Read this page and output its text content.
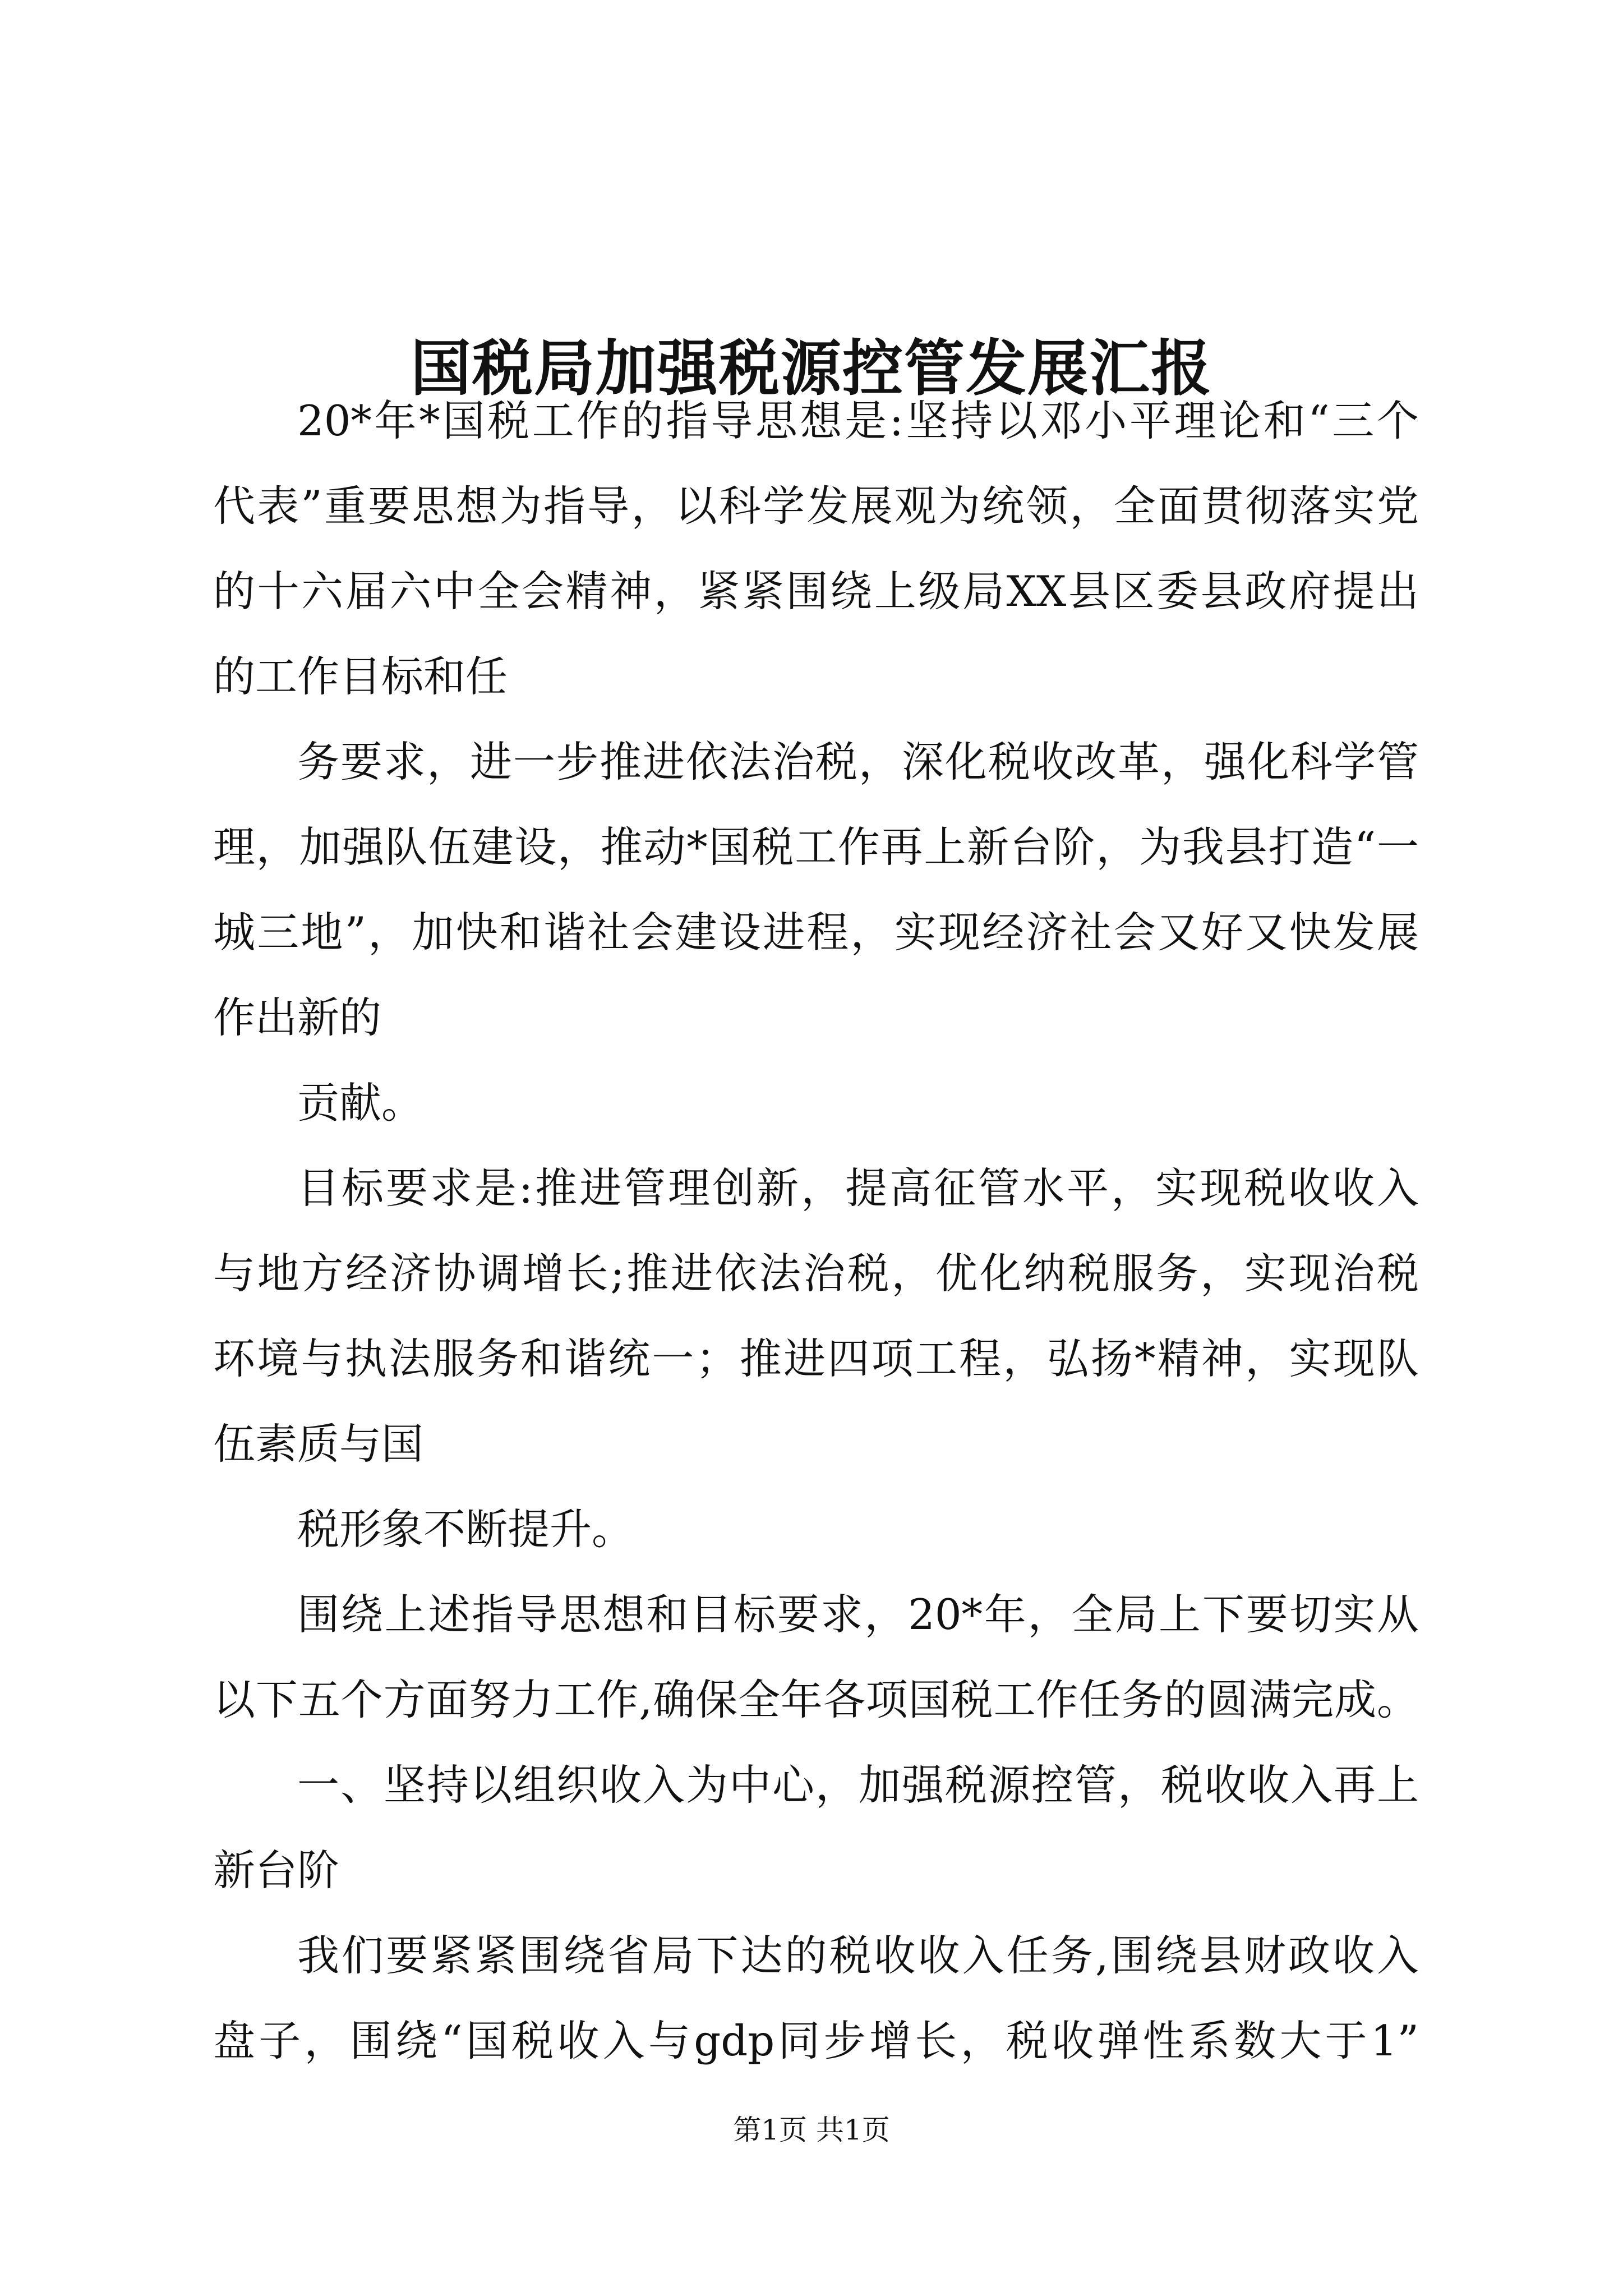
国税局加强税源控管发展汇报
20*年*国税工作的指导思想是:坚持以邓小平理论和“三个
代表”重要思想为指导，以科学发展观为统领，全面贯彻落实党
的十六届六中全会精神，紧紧围绕上级局XX县区委县政府提出
的工作目标和任
务要求，进一步推进依法治税，深化税收改革，强化科学管
理，加强队伍建设，推动*国税工作再上新台阶，为我县打造“一
城三地”，加快和谐社会建设进程，实现经济社会又好又快发展
作出新的
贡献。
目标要求是:推进管理创新，提高征管水平，实现税收收入
与地方经济协调增长;推进依法治税，优化纳税服务，实现治税
环境与执法服务和谐统一；推进四项工程，弘扬*精神，实现队
伍素质与国
税形象不断提升。
围绕上述指导思想和目标要求，20*年，全局上下要切实从
以下五个方面努力工作,确保全年各项国税工作任务的圆满完成。
一、坚持以组织收入为中心，加强税源控管，税收收入再上
新台阶
我们要紧紧围绕省局下达的税收收入任务,围绕县财政收入
盘子，围绕“国税收入与gdp同步增长，税收弹性系数大于1”
第1页 共1页
